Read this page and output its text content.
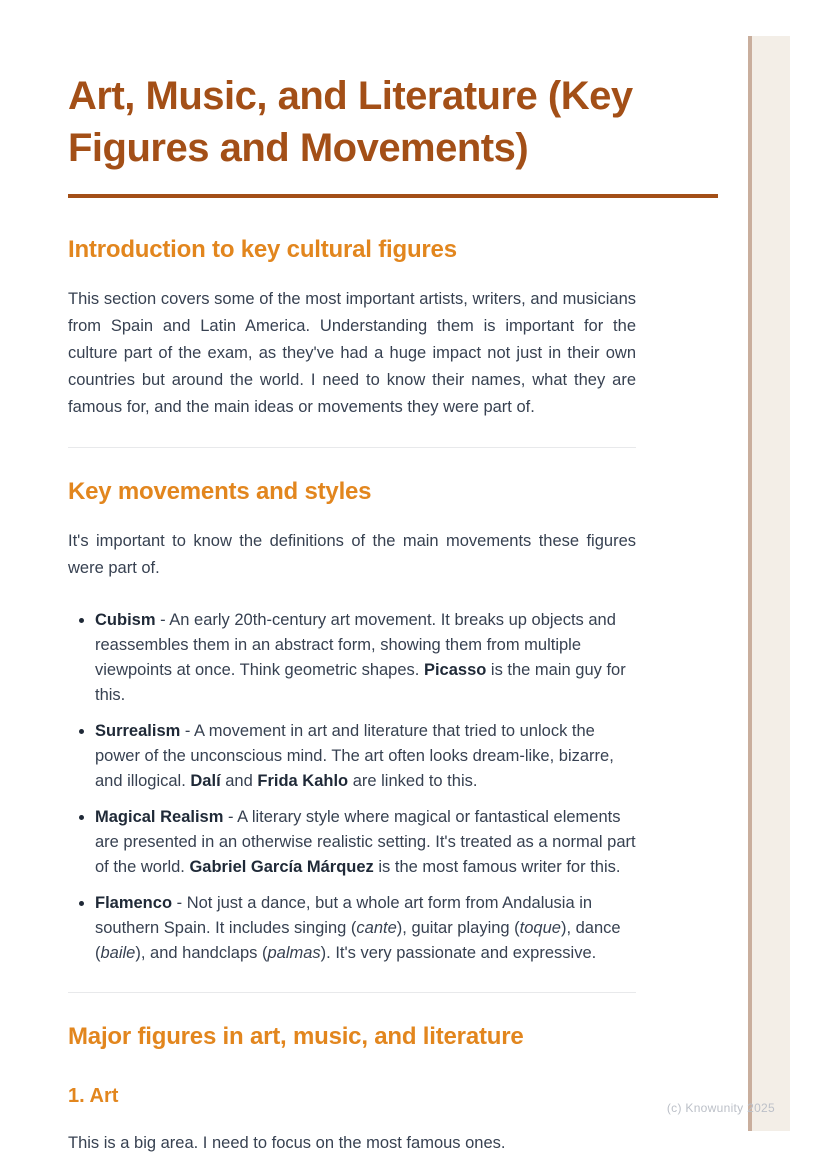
Art, Music, and Literature (Key Figures and Movements)
Introduction to key cultural figures

This section covers some of the most important artists, writers, and musicians from Spain and Latin America. Understanding them is important for the culture part of the exam, as they've had a huge impact not just in their own countries but around the world. I need to know their names, what they are famous for, and the main ideas or movements they were part of.

Key movements and styles

It's important to know the definitions of the main movements these figures were part of.

• Cubism - An early 20th-century art movement. It breaks up objects and reassembles them in an abstract form, showing them from multiple viewpoints at once. Think geometric shapes. Picasso is the main guy for this.
• Surrealism - A movement in art and literature that tried to unlock the power of the unconscious mind. The art often looks dream-like, bizarre, and illogical. Dalí and Frida Kahlo are linked to this.
• Magical Realism - A literary style where magical or fantastical elements are presented in an otherwise realistic setting. It's treated as a normal part of the world. Gabriel García Márquez is the most famous writer for this.
• Flamenco - Not just a dance, but a whole art form from Andalusia in southern Spain. It includes singing (cante), guitar playing (toque), dance (baile), and handclaps (palmas). It's very passionate and expressive.
Major figures in art, music, and literature
1. Art

This is a big area. I need to focus on the most famous ones.

(c) Knowunity 2025
